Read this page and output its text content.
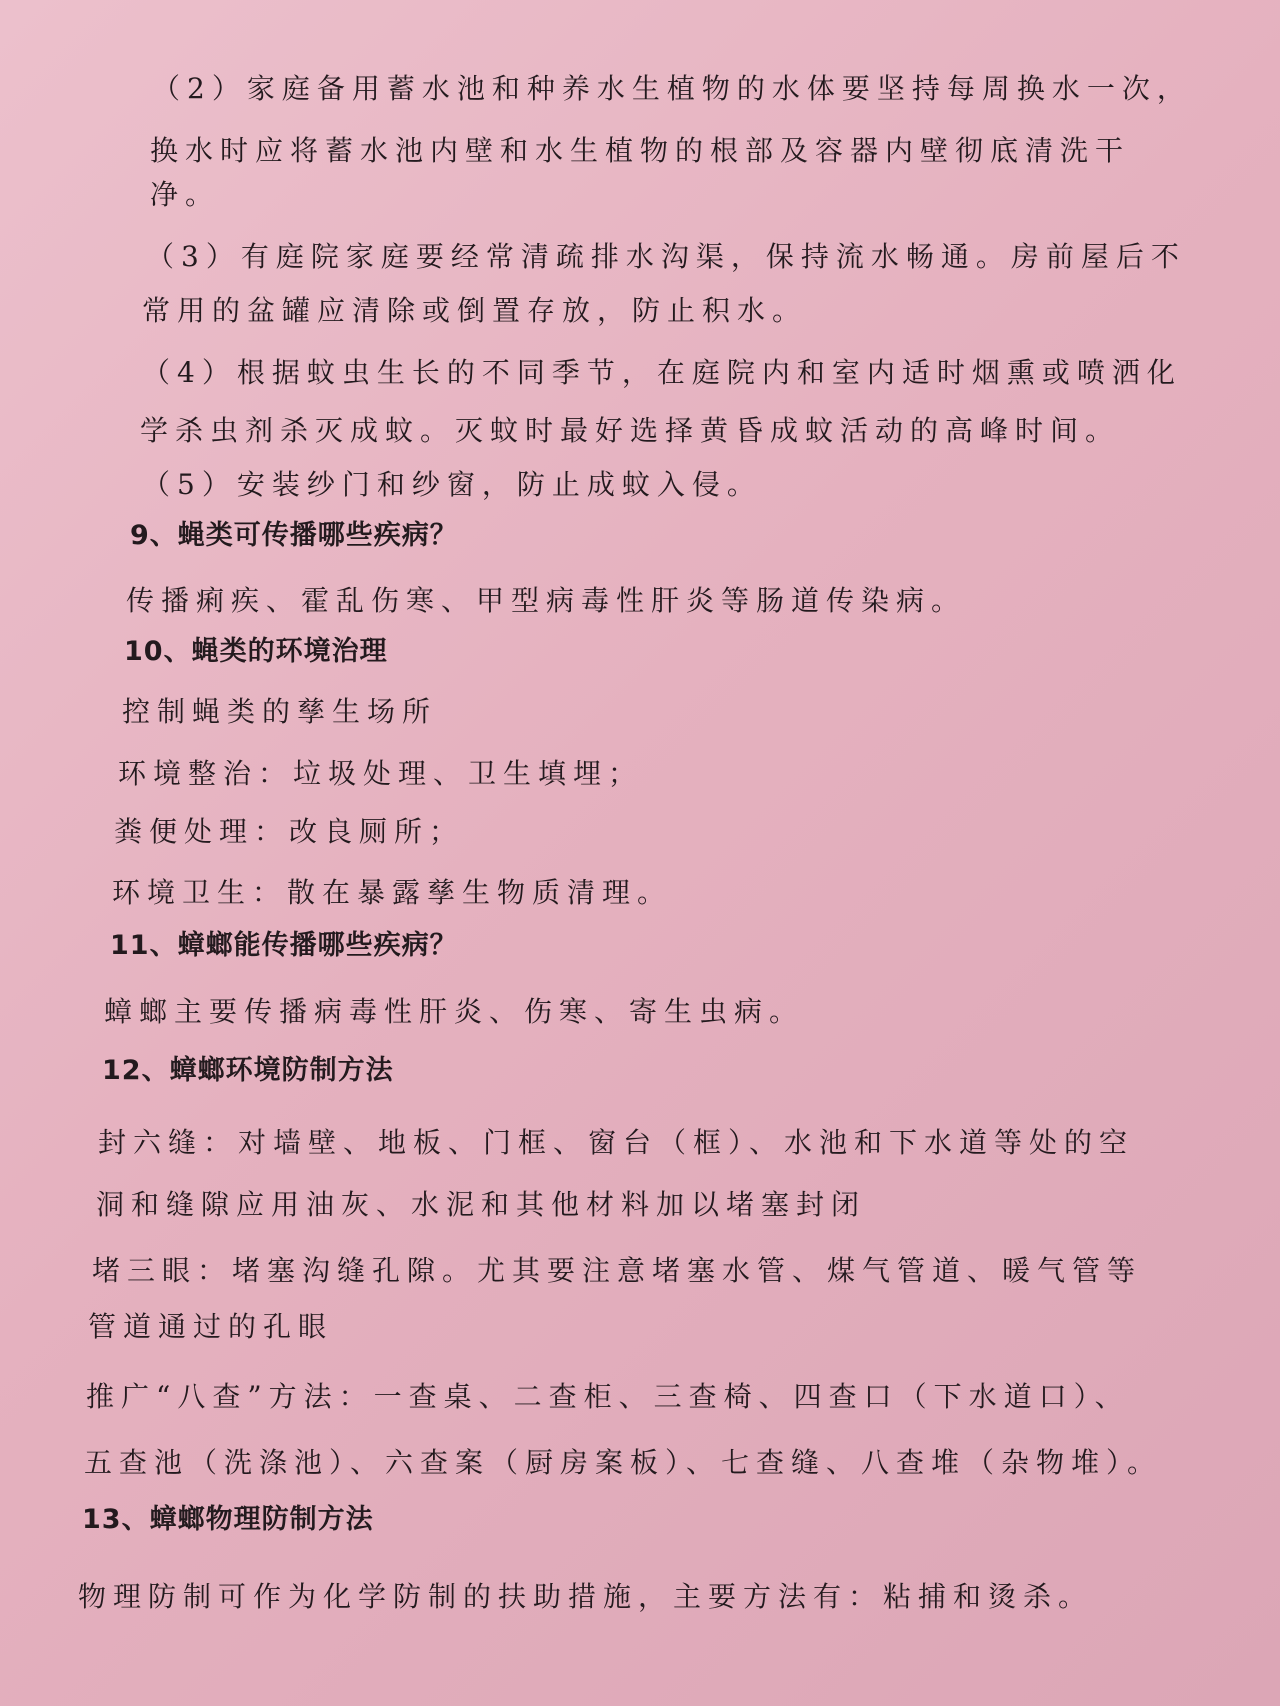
（2）家庭备用蓄水池和种养水生植物的水体要坚持每周换水一次，

换水时应将蓄水池内壁和水生植物的根部及容器内壁彻底清洗干

净。

（3）有庭院家庭要经常清疏排水沟渠，保持流水畅通。房前屋后不

常用的盆罐应清除或倒置存放，防止积水。

（4）根据蚊虫生长的不同季节，在庭院内和室内适时烟熏或喷洒化

学杀虫剂杀灭成蚊。灭蚊时最好选择黄昏成蚊活动的高峰时间。

（5）安装纱门和纱窗，防止成蚊入侵。

9、蝇类可传播哪些疾病？

传播痢疾、霍乱伤寒、甲型病毒性肝炎等肠道传染病。

10、蝇类的环境治理

控制蝇类的孳生场所

环境整治：垃圾处理、卫生填埋；

粪便处理：改良厕所；

环境卫生：散在暴露孳生物质清理。

11、蟑螂能传播哪些疾病？

蟑螂主要传播病毒性肝炎、伤寒、寄生虫病。

12、蟑螂环境防制方法

封六缝：对墙壁、地板、门框、窗台（框）、水池和下水道等处的空

洞和缝隙应用油灰、水泥和其他材料加以堵塞封闭

堵三眼：堵塞沟缝孔隙。尤其要注意堵塞水管、煤气管道、暖气管等

管道通过的孔眼

推广“八查”方法：一查桌、二查柜、三查椅、四查口（下水道口）、

五查池（洗涤池）、六查案（厨房案板）、七查缝、八查堆（杂物堆）。

13、蟑螂物理防制方法

物理防制可作为化学防制的扶助措施，主要方法有：粘捕和烫杀。
